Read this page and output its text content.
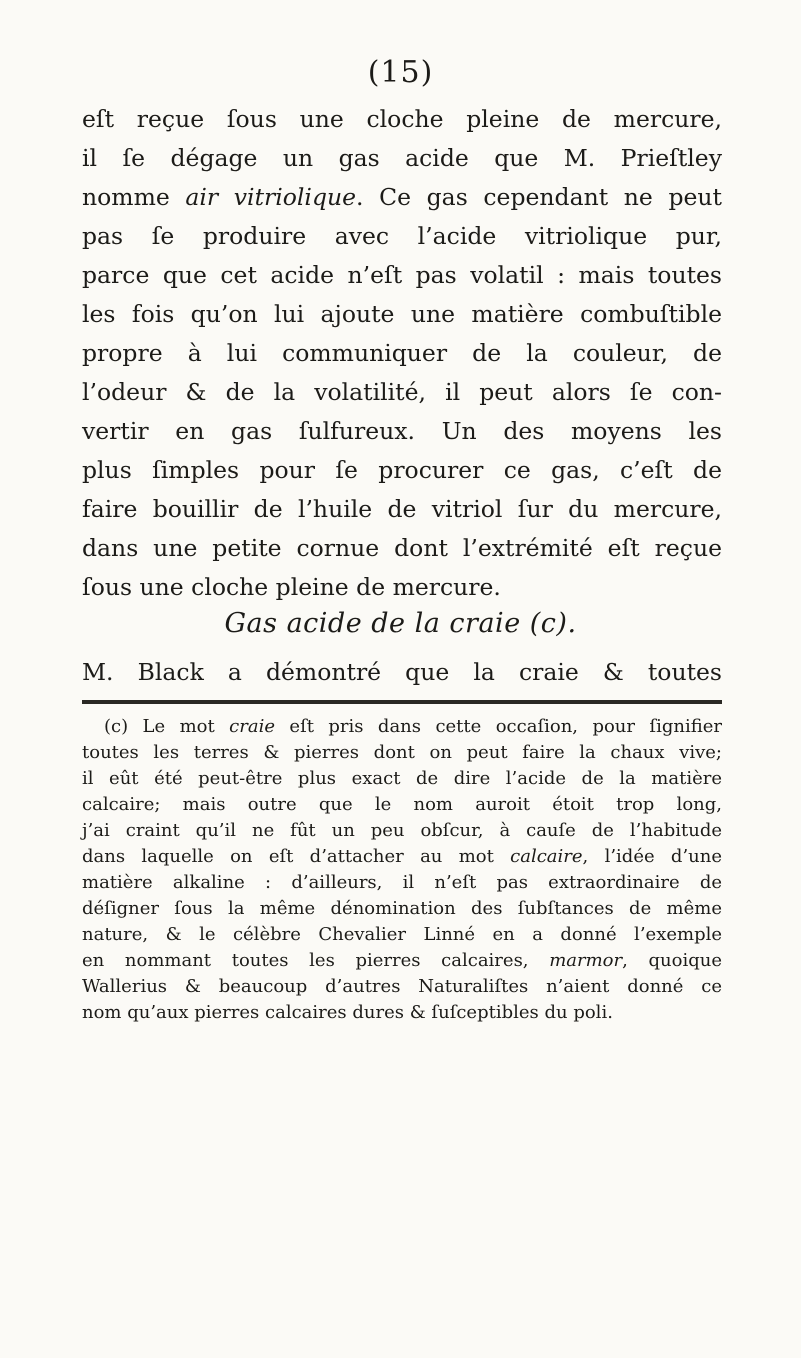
(15)
eſt reçue ſous une cloche pleine de mercure,
il ſe dégage un gas acide que M. Prieſtley
nomme air vitriolique. Ce gas cependant ne peut
pas ſe produire avec l’acide vitriolique pur,
parce que cet acide n’eſt pas volatil : mais toutes
les fois qu’on lui ajoute une matière combuſtible
propre à lui communiquer de la couleur, de
l’odeur & de la volatilité, il peut alors ſe con-
vertir en gas ſulfureux. Un des moyens les
plus ſimples pour ſe procurer ce gas, c’eſt de
faire bouillir de l’huile de vitriol ſur du mercure,
dans une petite cornue dont l’extrémité eſt reçue
ſous une cloche pleine de mercure.
Gas acide de la craie (c).
M. Black a démontré que la craie & toutes
(c) Le mot craie eſt pris dans cette occaſion, pour ſignifier
toutes les terres & pierres dont on peut faire la chaux vive;
il eût été peut-être plus exact de dire l’acide de la matière
calcaire; mais outre que le nom auroit étoit trop long,
j’ai craint qu’il ne fût un peu obſcur, à cauſe de l’habitude
dans laquelle on eſt d’attacher au mot calcaire, l’idée d’une
matière alkaline : d’ailleurs, il n’eſt pas extraordinaire de
déſigner ſous la même dénomination des ſubſtances de même
nature, & le célèbre Chevalier Linné en a donné l’exemple
en nommant toutes les pierres calcaires, marmor, quoique
Wallerius & beaucoup d’autres Naturaliſtes n’aient donné ce
nom qu’aux pierres calcaires dures & ſuſceptibles du poli.
